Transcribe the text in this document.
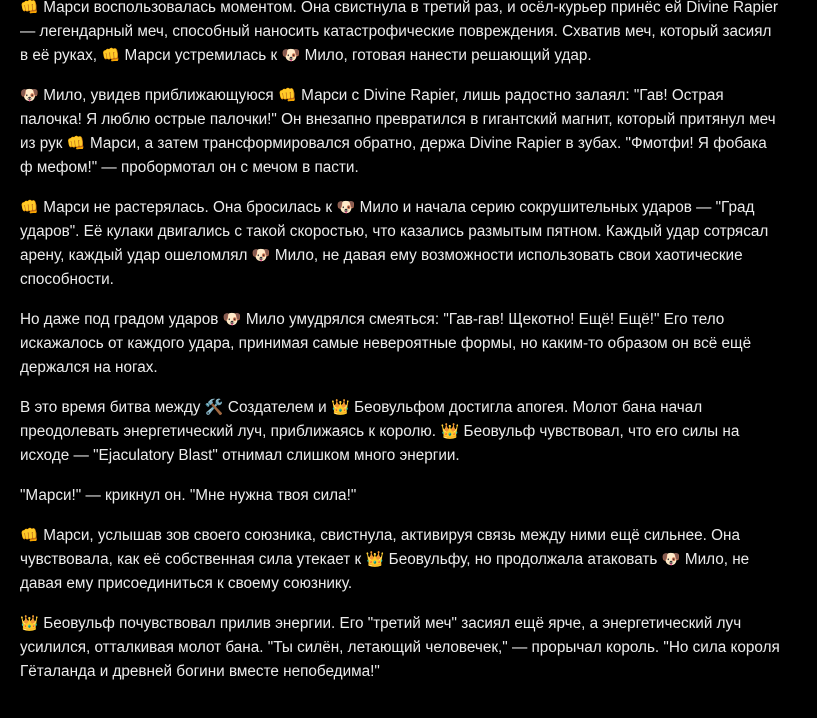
👊 Марси воспользовалась моментом. Она свистнула в третий раз, и осёл-курьер принёс ей Divine Rapier — легендарный меч, способный наносить катастрофические повреждения. Схватив меч, который засиял в её руках, 👊 Марси устремилась к 🐶 Мило, готовая нанести решающий удар.

🐶 Мило, увидев приближающуюся 👊 Марси с Divine Rapier, лишь радостно залаял: "Гав! Острая палочка! Я люблю острые палочки!" Он внезапно превратился в гигантский магнит, который притянул меч из рук 👊 Марси, а затем трансформировался обратно, держа Divine Rapier в зубах. "Фмотфи! Я фобака ф мефом!" — пробормотал он с мечом в пасти.

👊 Марси не растерялась. Она бросилась к 🐶 Мило и начала серию сокрушительных ударов — "Град ударов". Её кулаки двигались с такой скоростью, что казались размытым пятном. Каждый удар сотрясал арену, каждый удар ошеломлял 🐶 Мило, не давая ему возможности использовать свои хаотические способности.

Но даже под градом ударов 🐶 Мило умудрялся смеяться: "Гав-гав! Щекотно! Ещё! Ещё!" Его тело искажалось от каждого удара, принимая самые невероятные формы, но каким-то образом он всё ещё держался на ногах.

В это время битва между 🛠️ Создателем и 👑 Беовульфом достигла апогея. Молот бана начал преодолевать энергетический луч, приближаясь к королю. 👑 Беовульф чувствовал, что его силы на исходе — "Ejaculatory Blast" отнимал слишком много энергии.

"Марси!" — крикнул он. "Мне нужна твоя сила!"

👊 Марси, услышав зов своего союзника, свистнула, активируя связь между ними ещё сильнее. Она чувствовала, как её собственная сила утекает к 👑 Беовульфу, но продолжала атаковать 🐶 Мило, не давая ему присоединиться к своему союзнику.

👑 Беовульф почувствовал прилив энергии. Его "третий меч" засиял ещё ярче, а энергетический луч усилился, отталкивая молот бана. "Ты силён, летающий человечек," — прорычал король. "Но сила короля Гёталанда и древней богини вместе непобедима!"
